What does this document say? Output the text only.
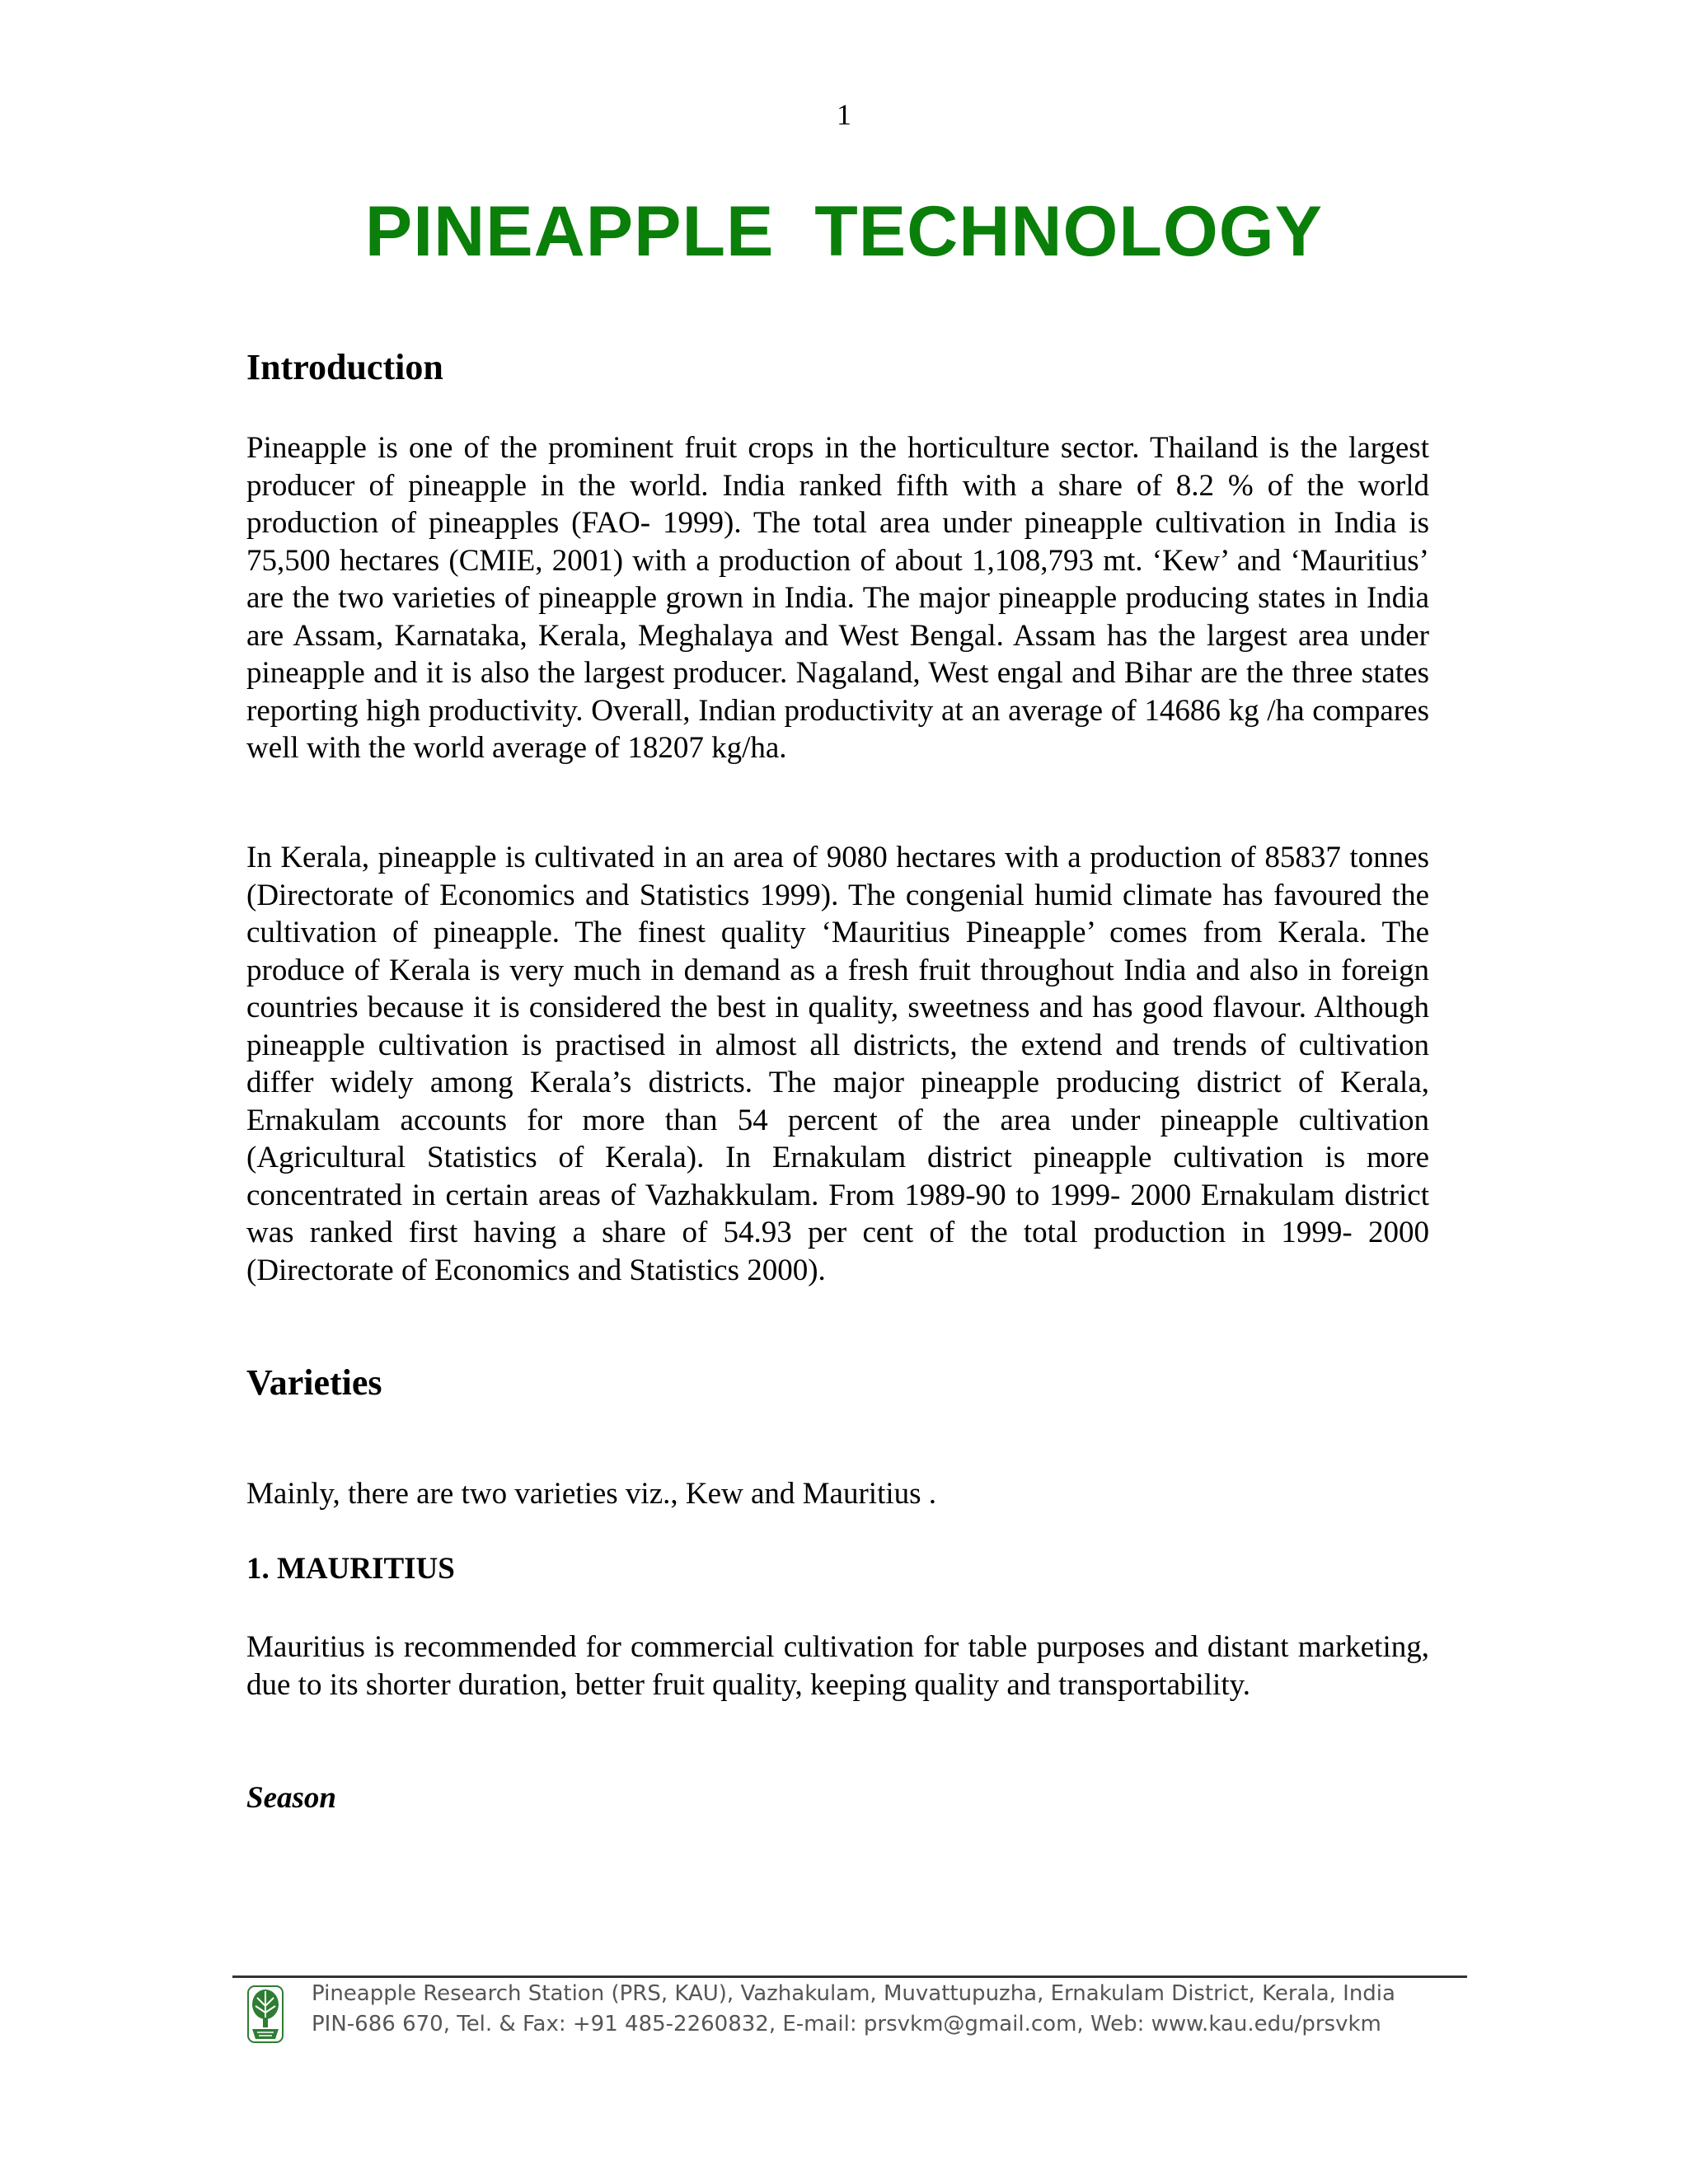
1
PINEAPPLE TECHNOLOGY
Introduction

Pineapple is one of the prominent fruit crops in the horticulture sector. Thailand is the largest producer of pineapple in the world. India ranked fifth with a share of 8.2 % of the world production of pineapples (FAO- 1999). The total area under pineapple cultivation in India is 75,500 hectares (CMIE, 2001) with a production of about 1,108,793 mt. ‘Kew’ and ‘Mauritius’ are the two varieties of pineapple grown in India. The major pineapple producing states in India are Assam, Karnataka, Kerala, Meghalaya and West Bengal. Assam has the largest area under pineapple and it is also the largest producer. Nagaland, West engal and Bihar are the three states reporting high productivity. Overall, Indian productivity at an average of 14686 kg /ha compares well with the world average of 18207 kg/ha.

In Kerala, pineapple is cultivated in an area of 9080 hectares with a production of 85837 tonnes (Directorate of Economics and Statistics 1999). The congenial humid climate has favoured the cultivation of pineapple. The finest quality ‘Mauritius Pineapple’ comes from Kerala. The produce of Kerala is very much in demand as a fresh fruit throughout India and also in foreign countries because it is considered the best in quality, sweetness and has good flavour. Although pineapple cultivation is practised in almost all districts, the extend and trends of cultivation differ widely among Kerala’s districts. The major pineapple producing district of Kerala, Ernakulam accounts for more than 54 percent of the area under pineapple cultivation (Agricultural Statistics of Kerala). In Ernakulam district pineapple cultivation is more concentrated in certain areas of Vazhakkulam. From 1989-90 to 1999- 2000 Ernakulam district was ranked first having a share of 54.93 per cent of the total production in 1999- 2000 (Directorate of Economics and Statistics 2000).

Varieties

Mainly, there are two varieties viz., Kew and Mauritius .

1. MAURITIUS

Mauritius is recommended for commercial cultivation for table purposes and distant marketing, due to its shorter duration, better fruit quality, keeping quality and transportability.

Season
Pineapple Research Station (PRS, KAU), Vazhakulam, Muvattupuzha, Ernakulam District, Kerala, India
PIN-686 670, Tel. & Fax: +91 485-2260832, E-mail: prsvkm@gmail.com, Web: www.kau.edu/prsvkm
